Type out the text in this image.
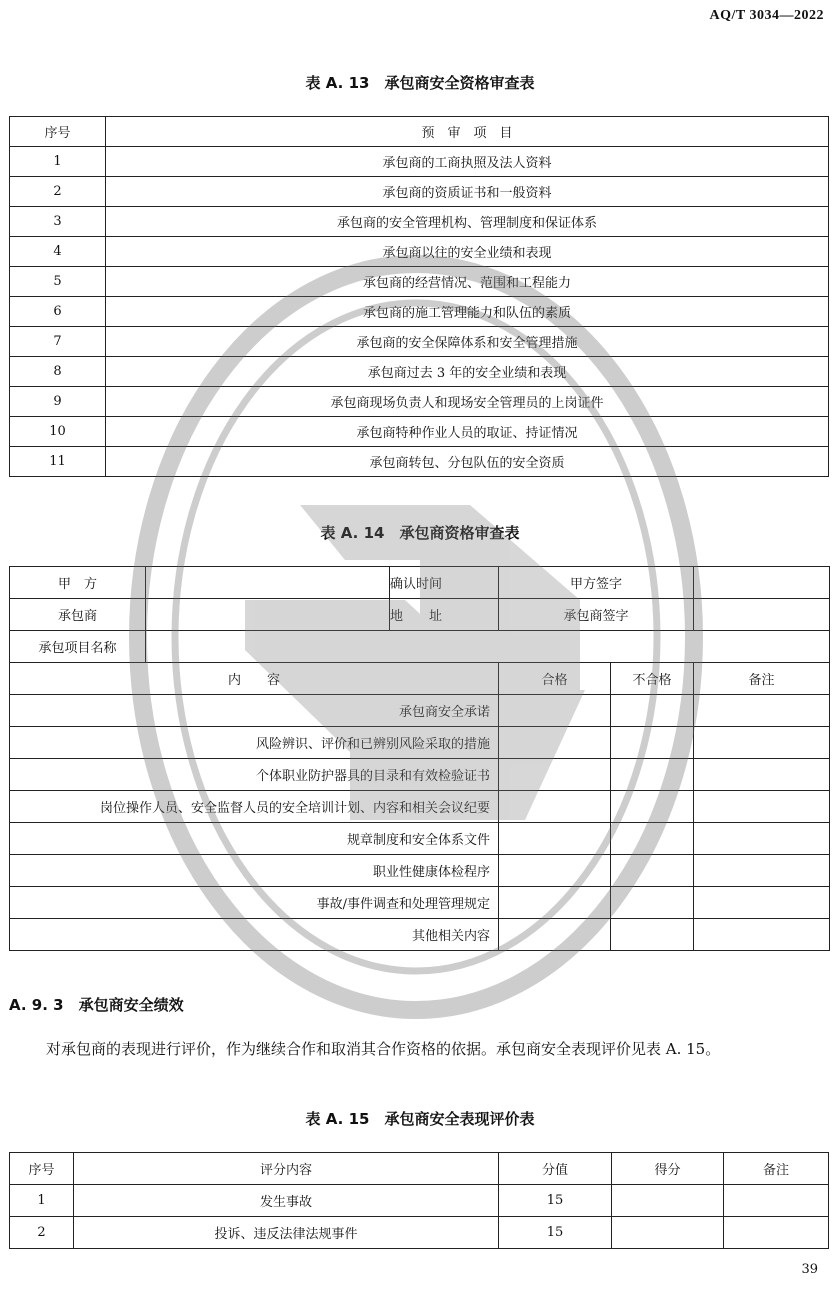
AQ/T 3034—2022
表 A. 13　承包商安全资格审查表
序号	预　审　项　目
1	承包商的工商执照及法人资料
2	承包商的资质证书和一般资料
3	承包商的安全管理机构、管理制度和保证体系
4	承包商以往的安全业绩和表现
5	承包商的经营情况、范围和工程能力
6	承包商的施工管理能力和队伍的素质
7	承包商的安全保障体系和安全管理措施
8	承包商过去 3 年的安全业绩和表现
9	承包商现场负责人和现场安全管理员的上岗证件
10	承包商特种作业人员的取证、持证情况
11	承包商转包、分包队伍的安全资质
表 A. 14　承包商资格审查表
甲　方		确认时间	甲方签字		
承包商		地　　址	承包商签字		
承包项目名称					
内　　容			合格	不合格	备注
承包商安全承诺					
风险辨识、评价和已辨别风险采取的措施					
个体职业防护器具的目录和有效检验证书					
岗位操作人员、安全监督人员的安全培训计划、内容和相关会议纪要					
规章制度和安全体系文件					
职业性健康体检程序					
事故/事件调查和处理管理规定					
其他相关内容					
A. 9. 3　承包商安全绩效
对承包商的表现进行评价，作为继续合作和取消其合作资格的依据。承包商安全表现评价见表 A. 15。
表 A. 15　承包商安全表现评价表
序号	评分内容	分值	得分	备注
1	发生事故	15		
2	投诉、违反法律法规事件	15		
39
